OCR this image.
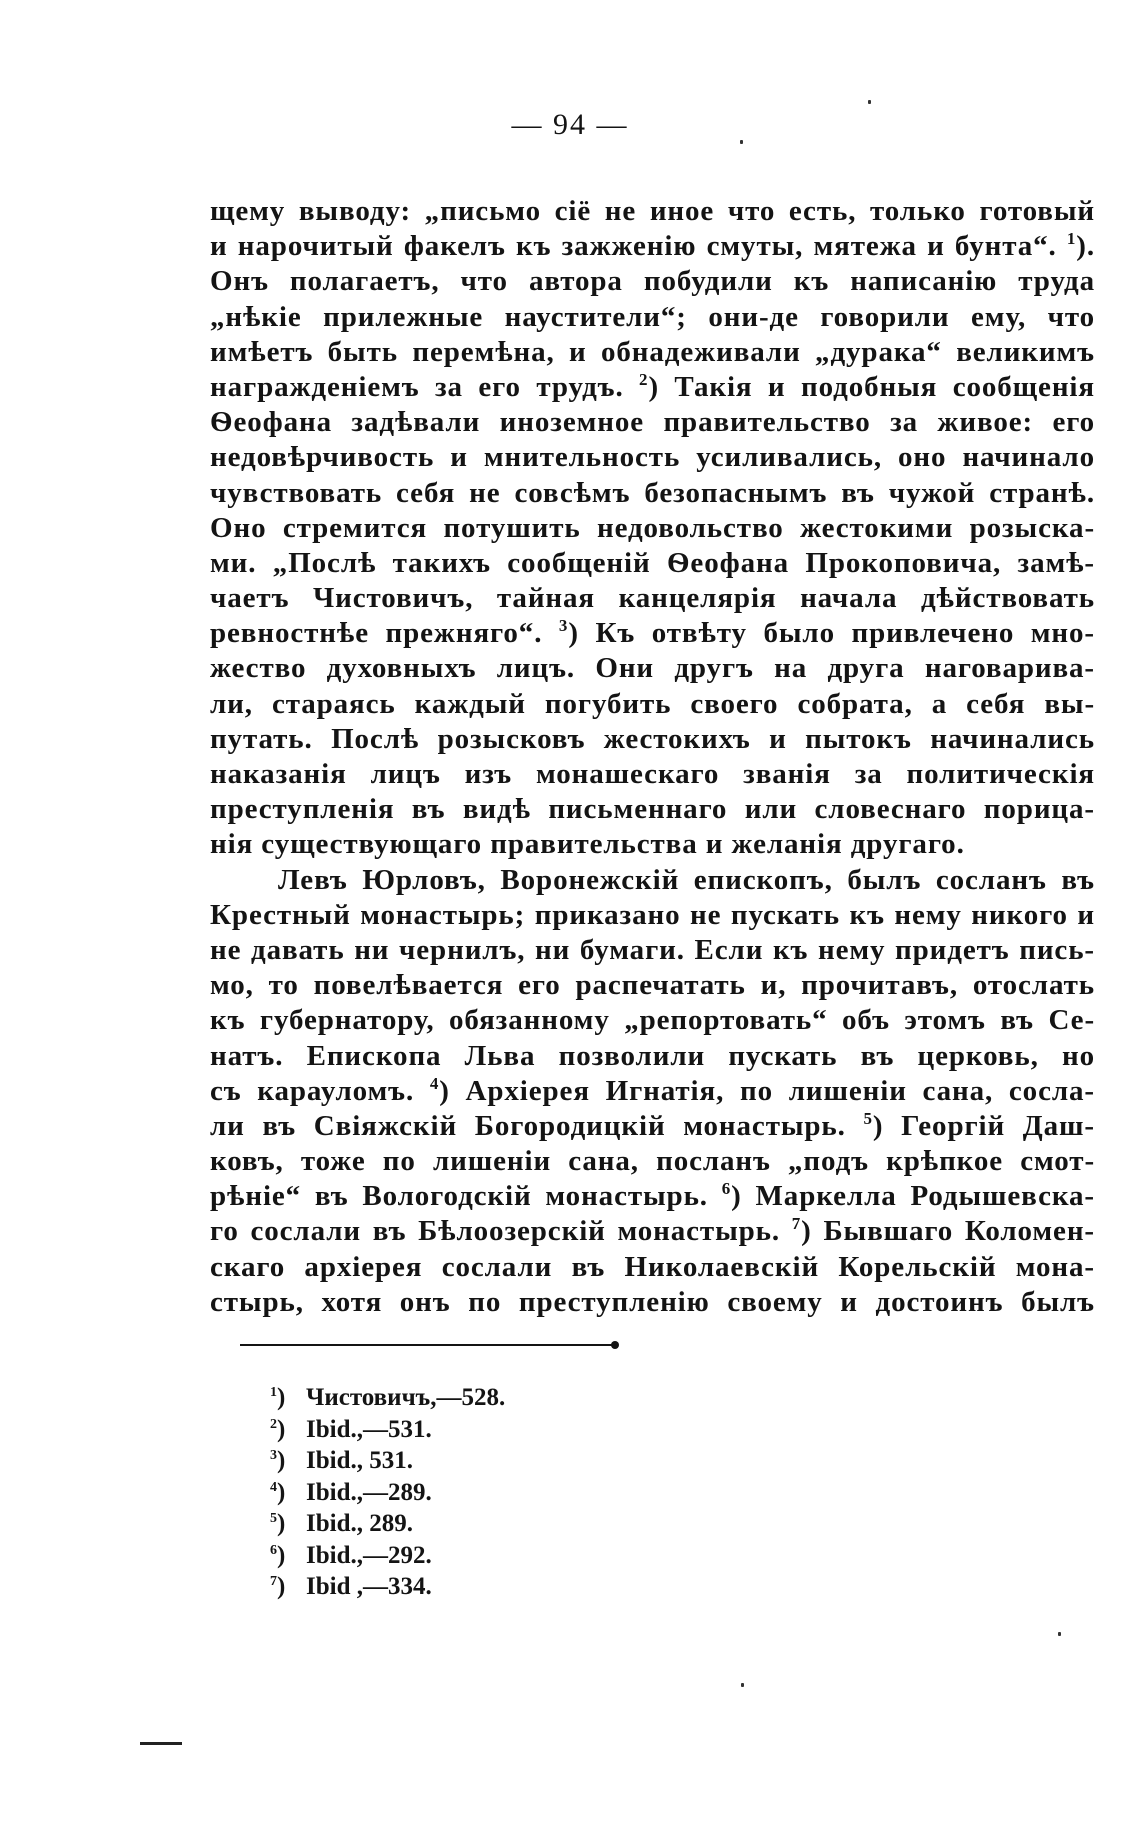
— 94 —
щему выводу: „письмо сіё не иное что есть, только готовый
и нарочитый факелъ къ зажженію смуты, мятежа и бунта“. $^1$).
Онъ полагаетъ, что автора побудили къ написанію труда
„нѣкіе прилежные наустители“; они-де говорили ему, что
имѣетъ быть перемѣна, и обнадеживали „дурака“ великимъ
награжденіемъ за его трудъ. $^2$) Такія и подобныя сообщенія
Ѳеофана задѣвали иноземное правительство за живое: его
недовѣрчивость и мнительность усиливались, оно начинало
чувствовать себя не совсѣмъ безопаснымъ въ чужой странѣ.
Оно стремится потушить недовольство жестокими розыска-
ми. „Послѣ такихъ сообщеній Ѳеофана Прокоповича, замѣ-
чаетъ Чистовичъ, тайная канцелярія начала дѣйствовать
ревностнѣе прежняго“. $^3$) Къ отвѣту было привлечено мно-
жество духовныхъ лицъ. Они другъ на друга наговарива-
ли, стараясь каждый погубить своего собрата, а себя вы-
путать. Послѣ розысковъ жестокихъ и пытокъ начинались
наказанія лицъ изъ монашескаго званія за политическія
преступленія въ видѣ письменнаго или словеснаго порица-
нія существующаго правительства и желанія другаго.
Левъ Юрловъ, Воронежскій епископъ, былъ сосланъ въ
Крестный монастырь; приказано не пускать къ нему никого и
не давать ни чернилъ, ни бумаги. Если къ нему придетъ пись-
мо, то повелѣвается его распечатать и, прочитавъ, отослать
къ губернатору, обязанному „репортовать“ объ этомъ въ Се-
натъ. Епископа Льва позволили пускать въ церковь, но
съ карауломъ. $^4$) Архіерея Игнатія, по лишеніи сана, сосла-
ли въ Свіяжскій Богородицкій монастырь. $^5$) Георгій Даш-
ковъ, тоже по лишеніи сана, посланъ „подъ крѣпкое смот-
рѣніе“ въ Вологодскій монастырь. $^6$) Маркелла Родышевска-
го сослали въ Бѣлоозерскій монастырь. $^7$) Бывшаго Коломен-
скаго архіерея сослали въ Николаевскій Корельскій мона-
стырь, хотя онъ по преступленію своему и достоинъ былъ
$^1$) Чистовичъ,—528.
$^2$) Ibid.,—531.
$^3$) Ibid., 531.
$^4$) Ibid.,—289.
$^5$) Ibid., 289.
$^6$) Ibid.,—292.
$^7$) Ibid ,—334.
